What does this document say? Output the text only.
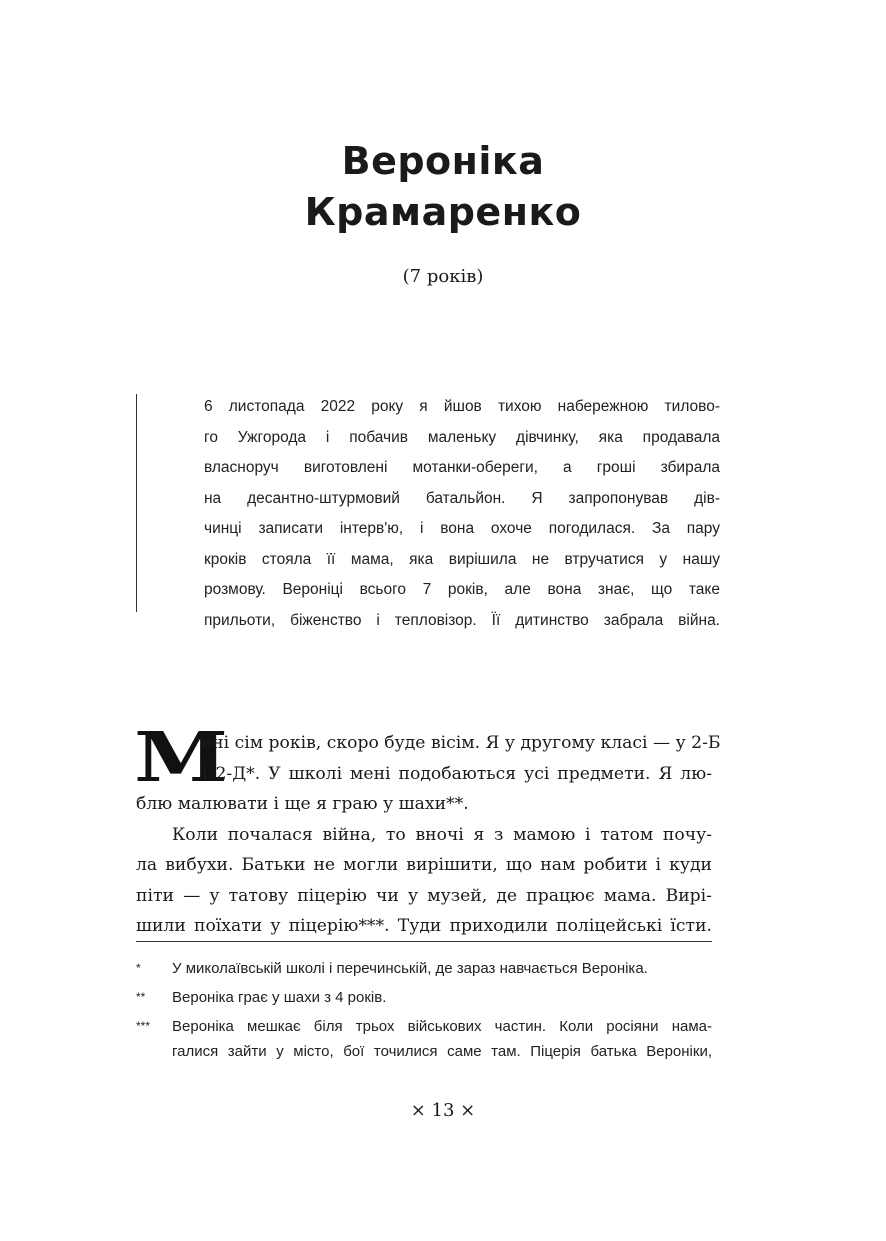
Вероніка
Крамаренко
(7 років)
6 листопада 2022 року я йшов тихою набережною тилово-
го Ужгорода і побачив маленьку дівчинку, яка продавала
власноруч виготовлені мотанки-обереги, а гроші збирала
на десантно-штурмовий батальйон. Я запропонував дів-
чинці записати інтерв'ю, і вона охоче погодилася. За пару
кроків стояла її мама, яка вирішила не втручатися у нашу
розмову. Вероніці всього 7 років, але вона знає, що таке
прильоти, біженство і тепловізор. Її дитинство забрала війна.
М
ені сім років, скоро буде вісім. Я у другому класі — у 2-Б
і 2-Д*. У школі мені подобаються усі предмети. Я лю-
блю малювати і ще я граю у шахи**.
Коли почалася війна, то вночі я з мамою і татом почу-
ла вибухи. Батьки не могли вирішити, що нам робити і куди
піти — у татову піцерію чи у музей, де працює мама. Вирі-
шили поїхати у піцерію***. Туди приходили поліцейські їсти.
*	У миколаївській школі і перечинській, де зараз навчається Вероніка.
**	Вероніка грає у шахи з 4 років.
***	Вероніка мешкає біля трьох військових частин. Коли росіяни нама-
галися зайти у місто, бої точилися саме там. Піцерія батька Вероніки,
× 13 ×
